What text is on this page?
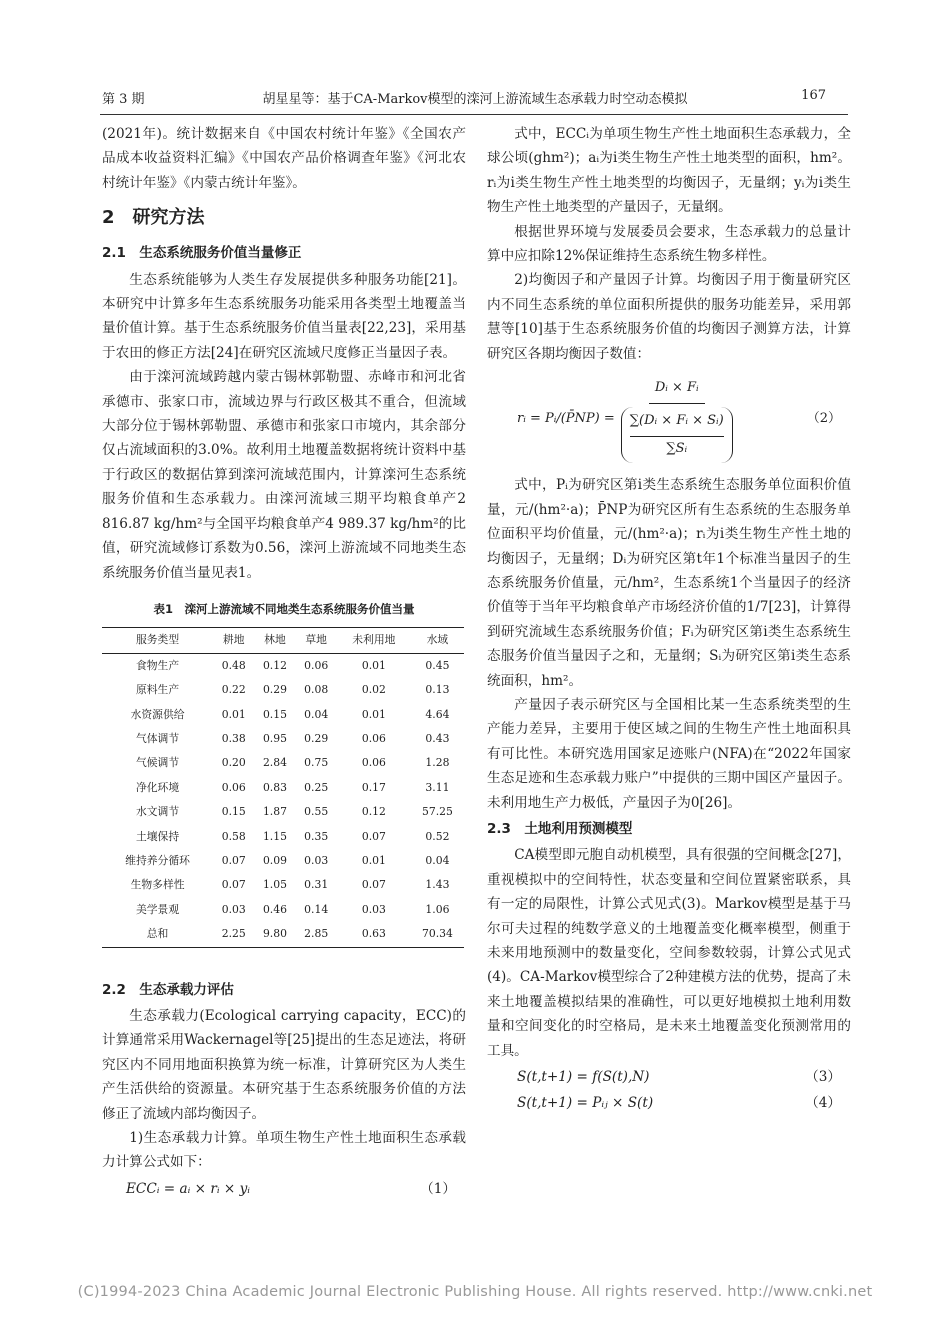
第 3 期	胡星星等：基于CA-Markov模型的滦河上游流域生态承载力时空动态模拟	167

(2021年)。统计数据来自《中国农村统计年鉴》《全国农产品成本收益资料汇编》《中国农产品价格调查年鉴》《河北农村统计年鉴》《内蒙古统计年鉴》。

2　研究方法
2.1　生态系统服务价值当量修正

生态系统能够为人类生存发展提供多种服务功能[21]。本研究中计算多年生态系统服务功能采用各类型土地覆盖当量价值计算。基于生态系统服务价值当量表[22,23]，采用基于农田的修正方法[24]在研究区流域尺度修正当量因子表。

由于滦河流域跨越内蒙古锡林郭勒盟、赤峰市和河北省承德市、张家口市，流域边界与行政区极其不重合，但流域大部分位于锡林郭勒盟、承德市和张家口市境内，其余部分仅占流域面积的3.0%。故利用土地覆盖数据将统计资料中基于行政区的数据估算到滦河流域范围内，计算滦河生态系统服务价值和生态承载力。由滦河流域三期平均粮食单产2 816.87 kg/hm²与全国平均粮食单产4 989.37 kg/hm²的比值，研究流域修订系数为0.56，滦河上游流域不同地类生态系统服务价值当量见表1。

表1　滦河上游流域不同地类生态系统服务价值当量
服务类型	耕地	林地	草地	未利用地	水域
食物生产	0.48	0.12	0.06	0.01	0.45
原料生产	0.22	0.29	0.08	0.02	0.13
水资源供给	0.01	0.15	0.04	0.01	4.64
气体调节	0.38	0.95	0.29	0.06	0.43
气候调节	0.20	2.84	0.75	0.06	1.28
净化环境	0.06	0.83	0.25	0.17	3.11
水文调节	0.15	1.87	0.55	0.12	57.25
土壤保持	0.58	1.15	0.35	0.07	0.52
维持养分循环	0.07	0.09	0.03	0.01	0.04
生物多样性	0.07	1.05	0.31	0.07	1.43
美学景观	0.03	0.46	0.14	0.03	1.06
总和	2.25	9.80	2.85	0.63	70.34
2.2　生态承载力评估

生态承载力(Ecological carrying capacity，ECC)的计算通常采用Wackernagel等[25]提出的生态足迹法，将研究区内不同用地面积换算为统一标准，计算研究区为人类生产生活供给的资源量。本研究基于生态系统服务价值的方法修正了流域内部均衡因子。

1)生态承载力计算。单项生物生产性土地面积生态承载力计算公式如下：

ECCᵢ = aᵢ × rᵢ × yᵢ	（1）

式中，ECCᵢ为单项生物生产性土地面积生态承载力，全球公顷(ghm²)；aᵢ为i类生物生产性土地类型的面积，hm²。rᵢ为i类生物生产性土地类型的均衡因子，无量纲；yᵢ为i类生物生产性土地类型的产量因子，无量纲。

根据世界环境与发展委员会要求，生态承载力的总量计算中应扣除12%保证维持生态系统生物多样性。

2)均衡因子和产量因子计算。均衡因子用于衡量研究区内不同生态系统的单位面积所提供的服务功能差异，采用郭慧等[10]基于生态系统服务价值的均衡因子测算方法，计算研究区各期均衡因子数值：

rᵢ = Pᵢ/(P̄NP) = $\frac{\text{Dᵢ × Fᵢ}}{\frac{\text{∑(Dᵢ × Fᵢ × Sᵢ)}}{\text{∑Sᵢ}}}$	（2）

式中，Pᵢ为研究区第i类生态系统生态服务单位面积价值量，元/(hm²·a)；P̄NP为研究区所有生态系统的生态服务单位面积平均价值量，元/(hm²·a)；rᵢ为i类生物生产性土地的均衡因子，无量纲；Dᵢ为研究区第t年1个标准当量因子的生态系统服务价值量，元/hm²，生态系统1个当量因子的经济价值等于当年平均粮食单产市场经济价值的1/7[23]，计算得到研究流域生态系统服务价值；Fᵢ为研究区第i类生态系统生态服务价值当量因子之和，无量纲；Sᵢ为研究区第i类生态系统面积，hm²。

产量因子表示研究区与全国相比某一生态系统类型的生产能力差异，主要用于使区域之间的生物生产性土地面积具有可比性。本研究选用国家足迹账户(NFA)在“2022年国家生态足迹和生态承载力账户”中提供的三期中国区产量因子。未利用地生产力极低，产量因子为0[26]。

2.3　土地利用预测模型

CA模型即元胞自动机模型，具有很强的空间概念[27]，重视模拟中的空间特性，状态变量和空间位置紧密联系，具有一定的局限性，计算公式见式(3)。Markov模型是基于马尔可夫过程的纯数学意义的土地覆盖变化概率模型，侧重于未来用地预测中的数量变化，空间参数较弱，计算公式见式(4)。CA-Markov模型综合了2种建模方法的优势，提高了未来土地覆盖模拟结果的准确性，可以更好地模拟土地利用数量和空间变化的时空格局，是未来土地覆盖变化预测常用的工具。

S(t,t+1) = f(S(t),N)	（3）
S(t,t+1) = Pᵢⱼ × S(t)	（4）
(C)1994-2023 China Academic Journal Electronic Publishing House. All rights reserved. http://www.cnki.net
